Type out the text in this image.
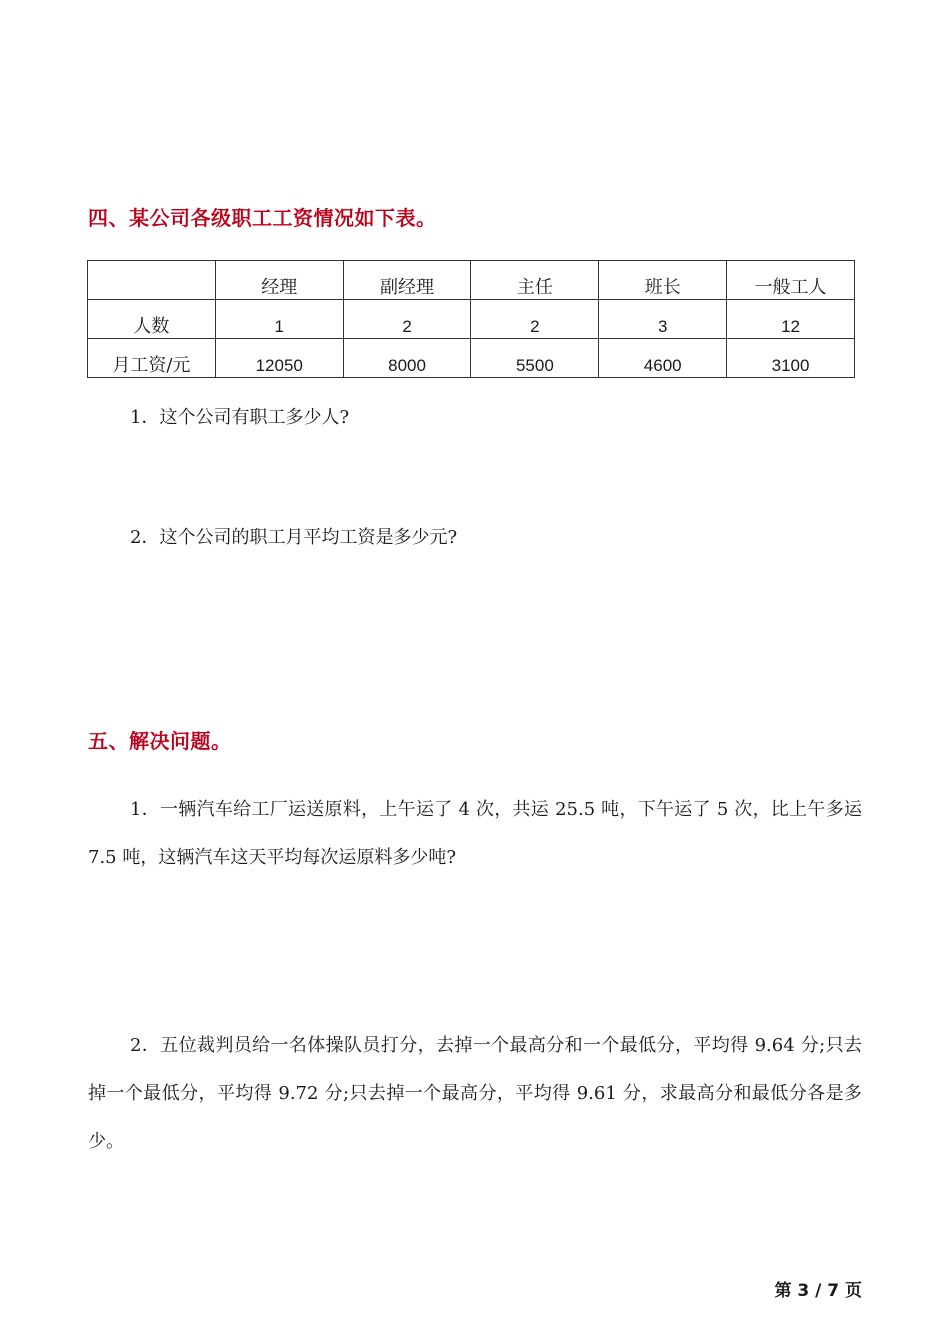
四、某公司各级职工工资情况如下表。
	经理	副经理	主任	班长	一般工人
人数	1	2	2	3	12
月工资/元	12050	8000	5500	4600	3100
1．这个公司有职工多少人?
2．这个公司的职工月平均工资是多少元?
五、解决问题。
1．一辆汽车给工厂运送原料，上午运了 4 次，共运 25.5 吨，下午运了 5 次，比上午多运 7.5 吨，这辆汽车这天平均每次运原料多少吨?
2．五位裁判员给一名体操队员打分，去掉一个最高分和一个最低分，平均得 9.64 分;只去掉一个最低分，平均得 9.72 分;只去掉一个最高分，平均得 9.61 分，求最高分和最低分各是多少。
第 3 / 7 页
